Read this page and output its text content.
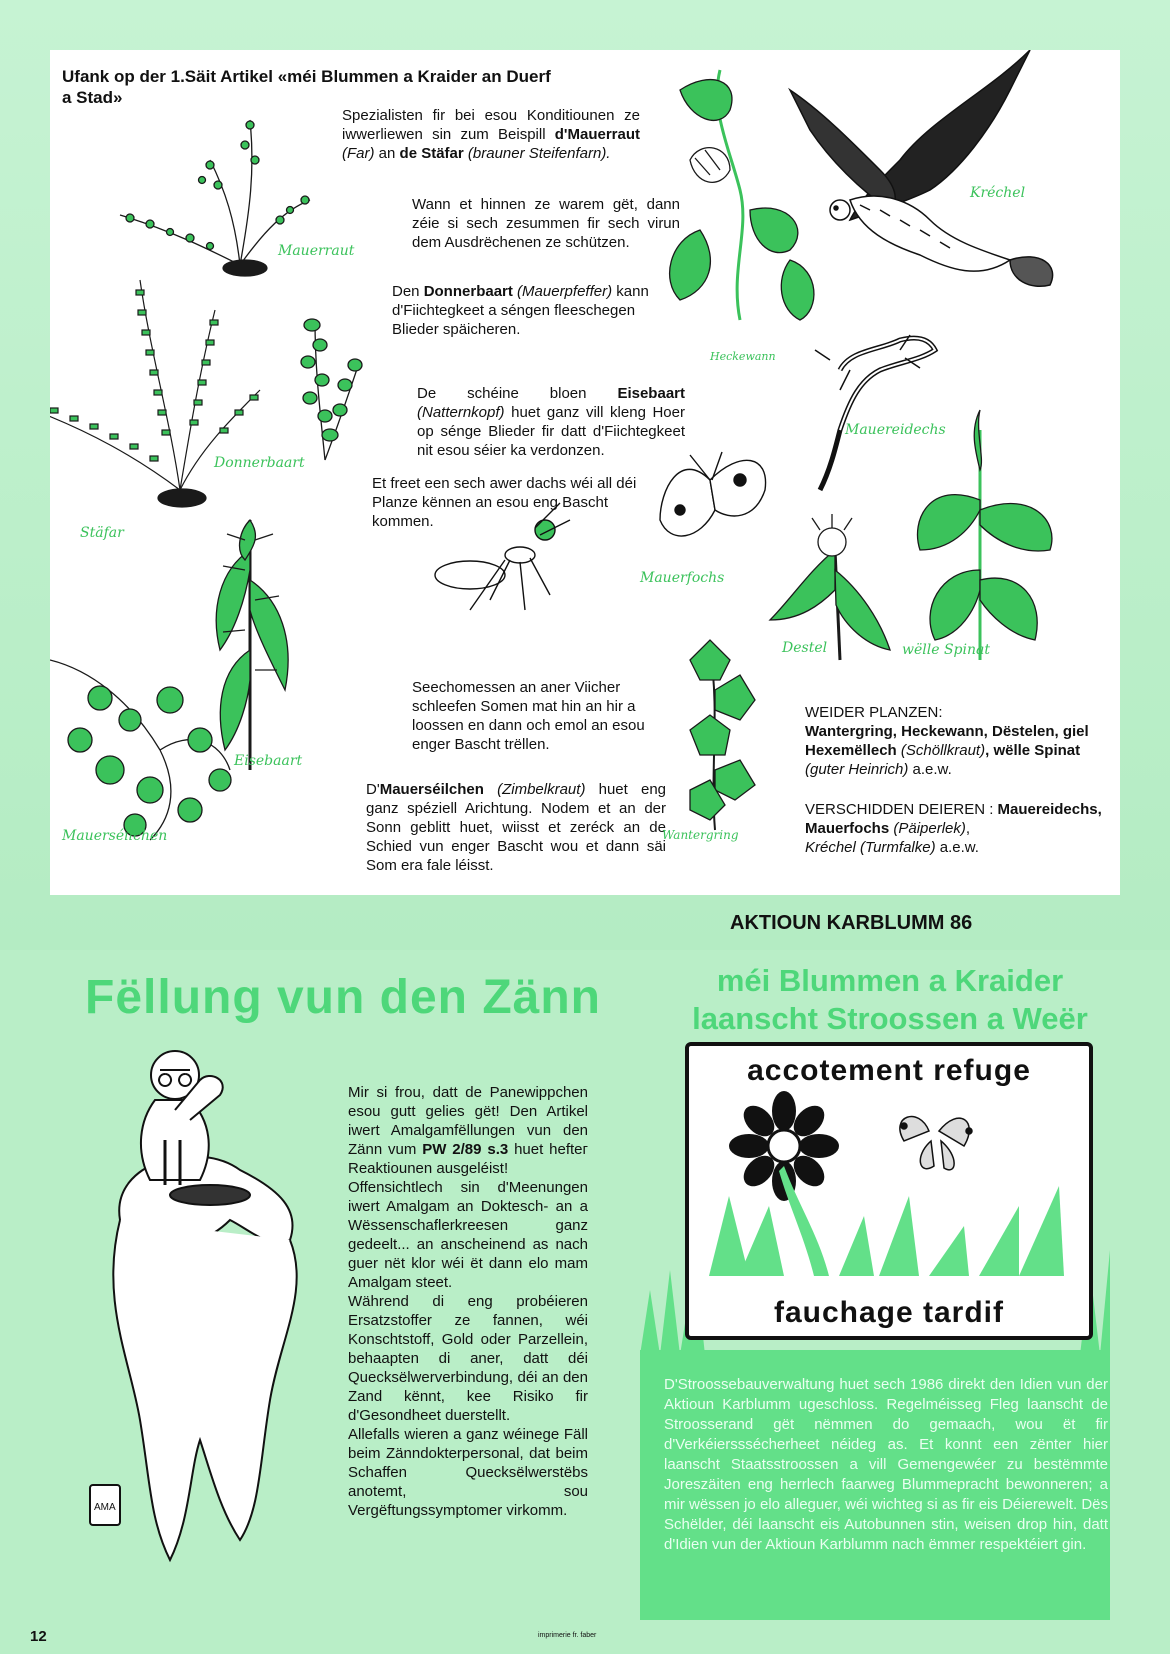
Ufank op der 1.Säit Artikel «méi Blummen a Kraider an Duerf a Stad»
Spezialisten fir bei esou Konditiounen ze iwwerliewen sin zum Beispill d'Mauerraut (Far) an de Stäfar (brauner Steifenfarn).
Wann et hinnen ze warem gët, dann zéie si sech zesummen fir sech virun dem Ausdrëchenen ze schützen.
Den Donnerbaart (Mauerpfeffer) kann d'Fiichtegkeet a séngen fleeschegen Blieder späicheren.
De schéine bloen Eisebaart (Natternkopf) huet ganz vill kleng Hoer op sénge Blieder fir datt d'Fiichtegkeet nit esou séier ka verdonzen.
Et freet een sech awer dachs wéi all déi Planze kënnen an esou eng Bascht kommen.
Seechomessen an aner Viicher schleefen Somen mat hin an hir a loossen en dann och emol an esou enger Bascht trëllen.
D'Mauerséilchen (Zimbelkraut) huet eng ganz spéziell Arichtung. Nodem et an der Sonn geblitt huet, wiisst et zeréck an de Schied vun enger Bascht wou et dann säi Som era fale léisst.
WEIDER PLANZEN:
Wantergring, Heckewann, Dëstelen, giel Hexemëllech (Schöllkraut), wëlle Spinat (guter Heinrich) a.e.w.
VERSCHIDDEN DEIEREN : Mauereidechs, Mauerfochs (Päiperlek),
Kréchel (Turmfalke) a.e.w.
Mauerraut
Donnerbaart
Stäfar
Eisebaart
Mauerséilchen
Heckewann
Kréchel
Mauereidechs
Mauerfochs
Destel	wëlle Spinat
Wantergring
AKTIOUN KARBLUMM 86
Fëllung vun den Zänn	méi Blummen a Kraider
laanscht Stroossen a Weër
AMA
Mir si frou, datt de Panewippchen esou gutt gelies gët! Den Artikel iwert Amalgamfëllungen vun den Zänn vum PW 2/89 s.3 huet heftег Reaktiounen ausgeléist!
Offensichtlech sin d'Meenungen iwert Amalgam an Doktesch- an a Wëssenschaflerkreesen ganz gedeelt... an anscheinend as nach guer nët klor wéi ët dann elo mam Amalgam steet.
Während di eng probéieren Ersatzstoffer ze fannen, wéi Konschtstoff, Gold oder Parzellein, behaapten di aner, datt déi Quecksëlwerverbindung, déi an den Zand kënnt, kee Risiko fir d'Gesondheet duerstellt.
Allefalls wieren a ganz wéinege Fäll beim Zänndokterpersonal, dat beim Schaffen Quecksëlwerstëbs anotemt, sou Vergëftungssymptomer virkomm.
accotement refuge
fauchage tardif
D'Stroossebauverwaltung huet sech 1986 direkt den Idien vun der Aktioun Karblumm ugeschloss. Regelméisseg Fleg laanscht de Stroosserand gët nëmmen do gemaach, wou ët fir d'Verkéiersssécherheet néideg as. Et konnt een zënter hier laanscht Staatsstroossen a vill Gemengewéer zu bestëmmte Joreszäiten eng herrlech faarweg Blummepracht bewonneren; a mir wëssen jo elo alleguer, wéi wichteg si as fir eis Déierewelt. Dës Schëlder, déi laanscht eis Autobunnen stin, weisen drop hin, datt d'Idien vun der Aktioun Karblumm nach ëmmer respektéiert gin.
12	imprimerie fr. faber
